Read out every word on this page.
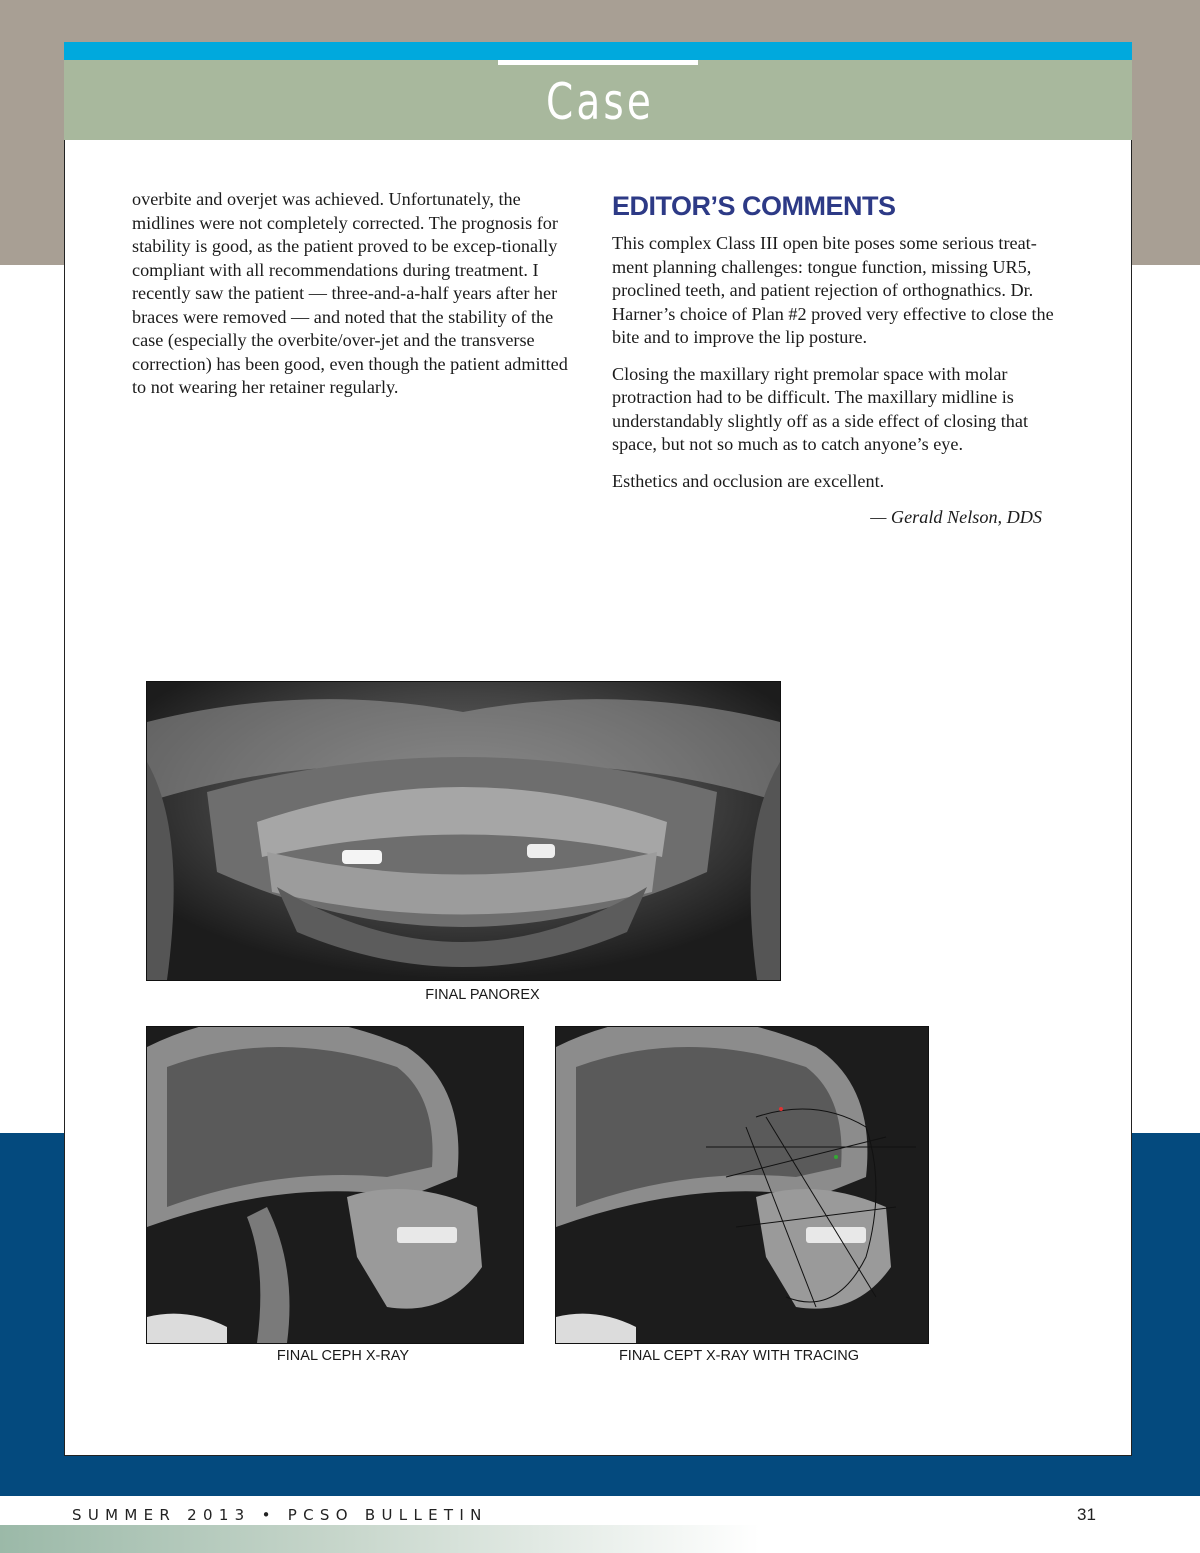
Case Report

overbite and overjet was achieved. Unfortunately, the midlines were not completely corrected. The prognosis for stability is good, as the patient proved to be excep-tionally compliant with all recommendations during treatment. I recently saw the patient — three-and-a-half years after her braces were removed — and noted that the stability of the case (especially the overbite/over-jet and the transverse correction) has been good, even though the patient admitted to not wearing her retainer regularly.

EDITOR’S COMMENTS

This complex Class III open bite poses some serious treat-ment planning challenges: tongue function, missing UR5, proclined teeth, and patient rejection of orthognathics. Dr. Harner’s choice of Plan #2 proved very effective to close the bite and to improve the lip posture.

Closing the maxillary right premolar space with molar protraction had to be difficult. The maxillary midline is understandably slightly off as a side effect of closing that space, but not so much as to catch anyone’s eye.

Esthetics and occlusion are excellent.

— Gerald Nelson, DDS

FINAL PANOREX
FINAL CEPH X-RAY	FINAL CEPT X-RAY WITH TRACING
SUMMER 2013 • PCSO BULLETIN	31
